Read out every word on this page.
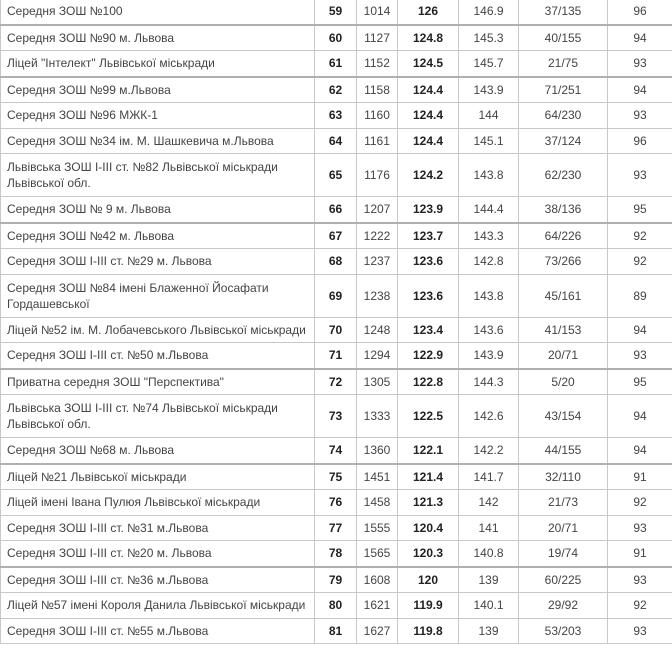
Середня ЗОШ №100	59	1014	126	146.9	37/135	96
Середня ЗОШ №90 м. Львова	60	1127	124.8	145.3	40/155	94
Ліцей "Інтелект" Львівської міськради	61	1152	124.5	145.7	21/75	93
Середня ЗОШ №99 м.Львова	62	1158	124.4	143.9	71/251	94
Середня ЗОШ №96 МЖК-1	63	1160	124.4	144	64/230	93
Середня ЗОШ №34 ім. М. Шашкевича м.Львова	64	1161	124.4	145.1	37/124	96
Львівська ЗОШ І-ІІІ ст. №82 Львівської міськради Львівської обл.	65	1176	124.2	143.8	62/230	93
Середня ЗОШ № 9 м. Львова	66	1207	123.9	144.4	38/136	95
Середня ЗОШ №42 м. Львова	67	1222	123.7	143.3	64/226	92
Середня ЗОШ І-ІІІ ст. №29 м. Львова	68	1237	123.6	142.8	73/266	92
Середня ЗОШ №84 імені Блаженної Йосафати Гордашевської	69	1238	123.6	143.8	45/161	89
Ліцей №52 ім. М. Лобачевського Львівської міськради	70	1248	123.4	143.6	41/153	94
Середня ЗОШ І-ІІІ ст. №50 м.Львова	71	1294	122.9	143.9	20/71	93
Приватна середня ЗОШ "Перспектива"	72	1305	122.8	144.3	5/20	95
Львівська ЗОШ І-ІІІ ст. №74 Львівської міськради Львівської обл.	73	1333	122.5	142.6	43/154	94
Середня ЗОШ №68 м. Львова	74	1360	122.1	142.2	44/155	94
Ліцей №21 Львівської міськради	75	1451	121.4	141.7	32/110	91
Ліцей імені Івана Пулюя Львівської міськради	76	1458	121.3	142	21/73	92
Середня ЗОШ І-ІІІ ст. №31 м.Львова	77	1555	120.4	141	20/71	93
Середня ЗОШ І-ІІІ ст. №20 м. Львова	78	1565	120.3	140.8	19/74	91
Середня ЗОШ І-ІІІ ст. №36 м.Львова	79	1608	120	139	60/225	93
Ліцей №57 імені Короля Данила Львівської міськради	80	1621	119.9	140.1	29/92	92
Середня ЗОШ І-ІІІ ст. №55 м.Львова	81	1627	119.8	139	53/203	93
